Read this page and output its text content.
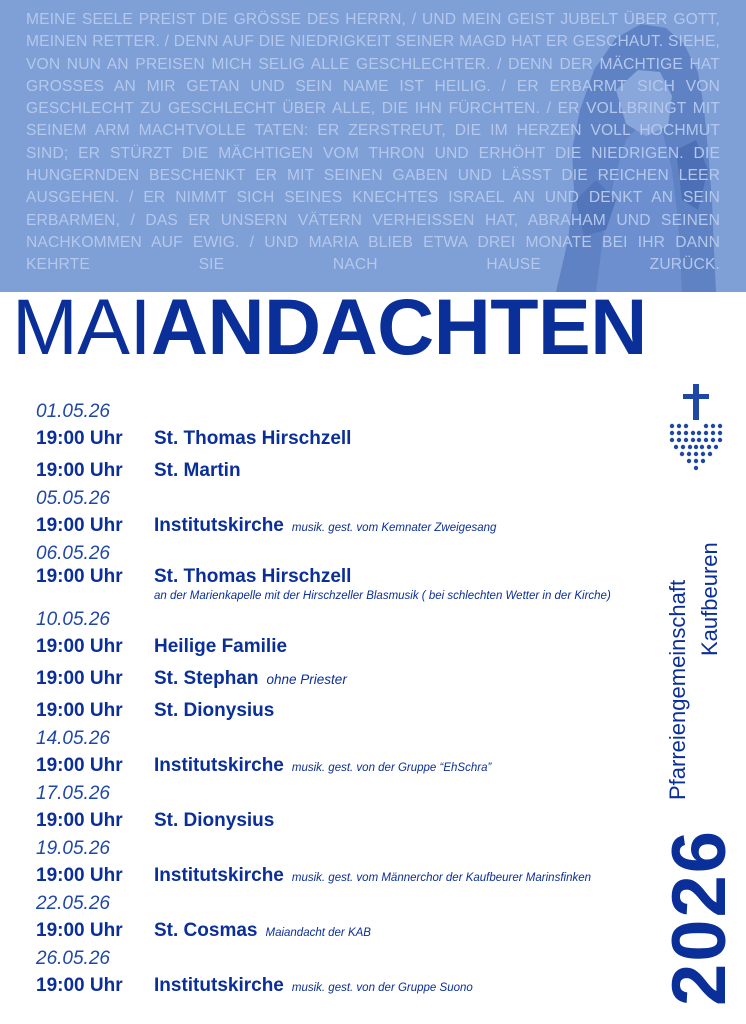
MEINE SEELE PREIST DIE GRÖSSE DES HERRN, / UND MEIN GEIST JUBELT ÜBER GOTT, MEINEN RETTER. / DENN AUF DIE NIEDRIGKEIT SEINER MAGD HAT ER GESCHAUT. SIEHE, VON NUN AN PREISEN MICH SELIG ALLE GESCHLECHTER. / DENN DER MÄCHTIGE HAT GROSSES AN MIR GETAN UND SEIN NAME IST HEILIG. / ER ERBARMT SICH VON GESCHLECHT ZU GESCHLECHT ÜBER ALLE, DIE IHN FÜRCHTEN. / ER VOLLBRINGT MIT SEINEM ARM MACHTVOLLE TATEN: ER ZERSTREUT, DIE IM HERZEN VOLL HOCHMUT SIND; ER STÜRZT DIE MÄCHTIGEN VOM THRON UND ERHÖHT DIE NIEDRIGEN. DIE HUNGERNDEN BESCHENKT ER MIT SEINEN GABEN UND LÄSST DIE REICHEN LEER AUSGEHEN. / ER NIMMT SICH SEINES KNECHTES ISRAEL AN UND DENKT AN SEIN ERBARMEN, / DAS ER UNSERN VÄTERN VERHEISSEN HAT, ABRAHAM UND SEINEN NACHKOMMEN AUF EWIG. / UND MARIA BLIEB ETWA DREI MONATE BEI IHR DANN KEHRTE SIE NACH HAUSE ZURÜCK.
MAIANDACHTEN
01.05.26
19:00 Uhr	St. Thomas Hirschzell
19:00 Uhr	St. Martin
05.05.26
19:00 Uhr	Institutskirche musik. gest. vom Kemnater Zweigesang
06.05.26
19:00 Uhr	St. Thomas Hirschzell
an der Marienkapelle mit der Hirschzeller Blasmusik ( bei schlechten Wetter in der Kirche)
10.05.26
19:00 Uhr	Heilige Familie
19:00 Uhr	St. Stephan ohne Priester
19:00 Uhr	St. Dionysius
14.05.26
19:00 Uhr	Institutskirche musik. gest. von der Gruppe “EhSchra”
17.05.26
19:00 Uhr	St. Dionysius
19.05.26
19:00 Uhr	Institutskirche musik. gest. vom Männerchor der Kaufbeurer Marinsfinken
22.05.26
19:00 Uhr	St. Cosmas Maiandacht der KAB
26.05.26
19:00 Uhr	Institutskirche musik. gest. von der Gruppe Suono
Pfarreiengemeinschaft Kaufbeuren
2026
